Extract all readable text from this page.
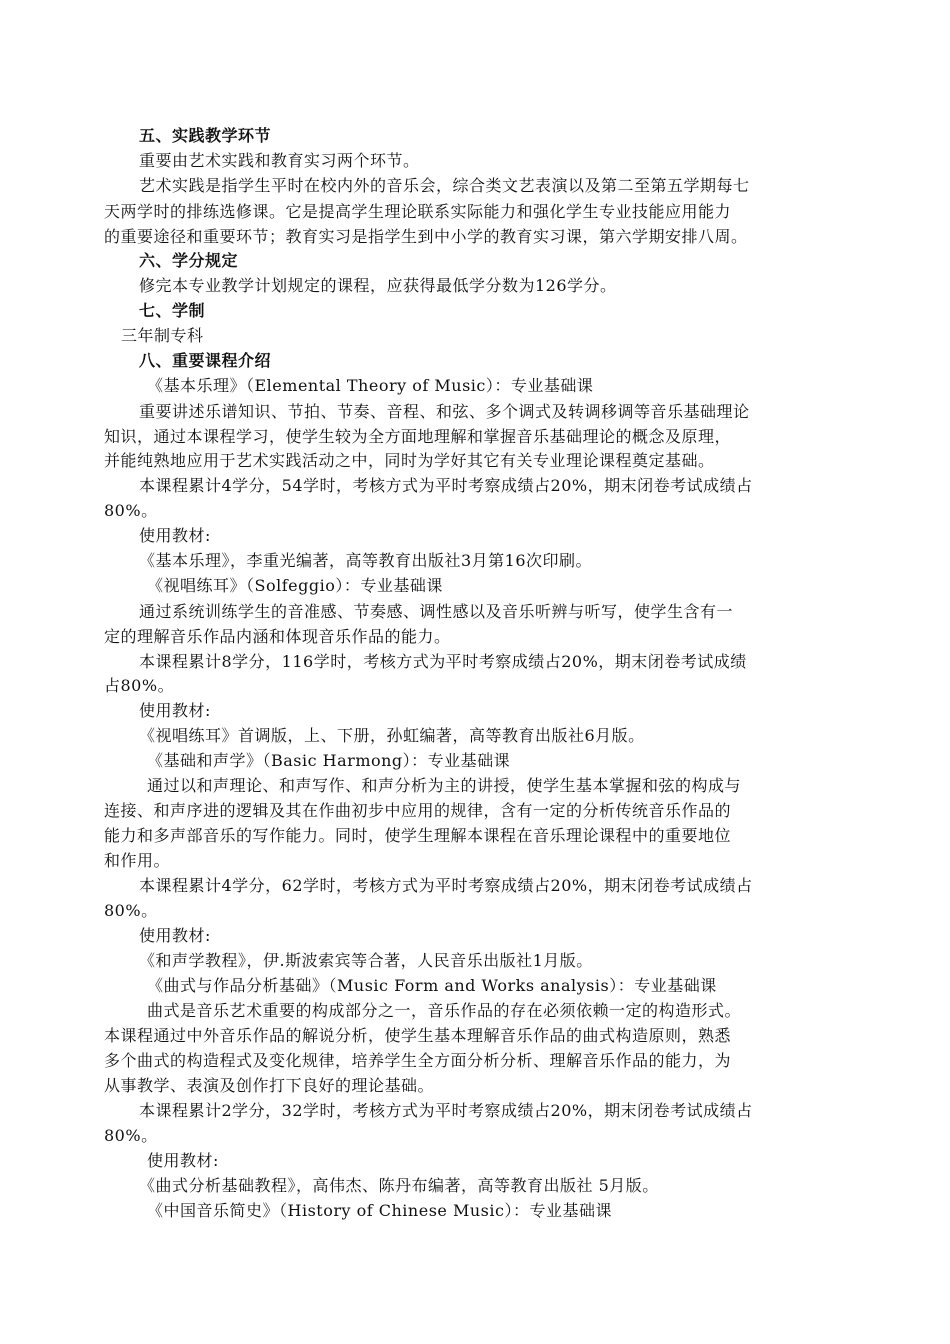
五、实践教学环节
重要由艺术实践和教育实习两个环节。
艺术实践是指学生平时在校内外的音乐会，综合类文艺表演以及第二至第五学期每七
天两学时的排练选修课。它是提高学生理论联系实际能力和强化学生专业技能应用能力
的重要途径和重要环节；教育实习是指学生到中小学的教育实习课，第六学期安排八周。
六、学分规定
修完本专业教学计划规定的课程，应获得最低学分数为126学分。
七、学制
三年制专科
八、重要课程介绍
《基本乐理》（Elemental Theory of Music）：专业基础课
重要讲述乐谱知识、节拍、节奏、音程、和弦、多个调式及转调移调等音乐基础理论
知识，通过本课程学习，使学生较为全方面地理解和掌握音乐基础理论的概念及原理，
并能纯熟地应用于艺术实践活动之中，同时为学好其它有关专业理论课程奠定基础。
本课程累计4学分，54学时，考核方式为平时考察成绩占20%，期末闭卷考试成绩占
80%。
使用教材:
《基本乐理》，李重光编著，高等教育出版社3月第16次印刷。
《视唱练耳》（Solfeggio）：专业基础课
通过系统训练学生的音准感、节奏感、调性感以及音乐听辨与听写，使学生含有一
定的理解音乐作品内涵和体现音乐作品的能力。
本课程累计8学分，116学时，考核方式为平时考察成绩占20%，期末闭卷考试成绩
占80%。
使用教材:
《视唱练耳》首调版，上、下册，孙虹编著，高等教育出版社6月版。
《基础和声学》（Basic Harmong）：专业基础课
通过以和声理论、和声写作、和声分析为主的讲授，使学生基本掌握和弦的构成与
连接、和声序进的逻辑及其在作曲初步中应用的规律，含有一定的分析传统音乐作品的
能力和多声部音乐的写作能力。同时，使学生理解本课程在音乐理论课程中的重要地位
和作用。
本课程累计4学分，62学时，考核方式为平时考察成绩占20%，期末闭卷考试成绩占
80%。
使用教材:
《和声学教程》，伊.斯波索宾等合著，人民音乐出版社1月版。
《曲式与作品分析基础》（Music Form and Works analysis）：专业基础课
曲式是音乐艺术重要的构成部分之一，音乐作品的存在必须依赖一定的构造形式。
本课程通过中外音乐作品的解说分析，使学生基本理解音乐作品的曲式构造原则，熟悉
多个曲式的构造程式及变化规律，培养学生全方面分析分析、理解音乐作品的能力，为
从事教学、表演及创作打下良好的理论基础。
本课程累计2学分，32学时，考核方式为平时考察成绩占20%，期末闭卷考试成绩占
80%。
使用教材:
《曲式分析基础教程》，高伟杰、陈丹布编著，高等教育出版社 5月版。
《中国音乐简史》（History of Chinese Music）：专业基础课
